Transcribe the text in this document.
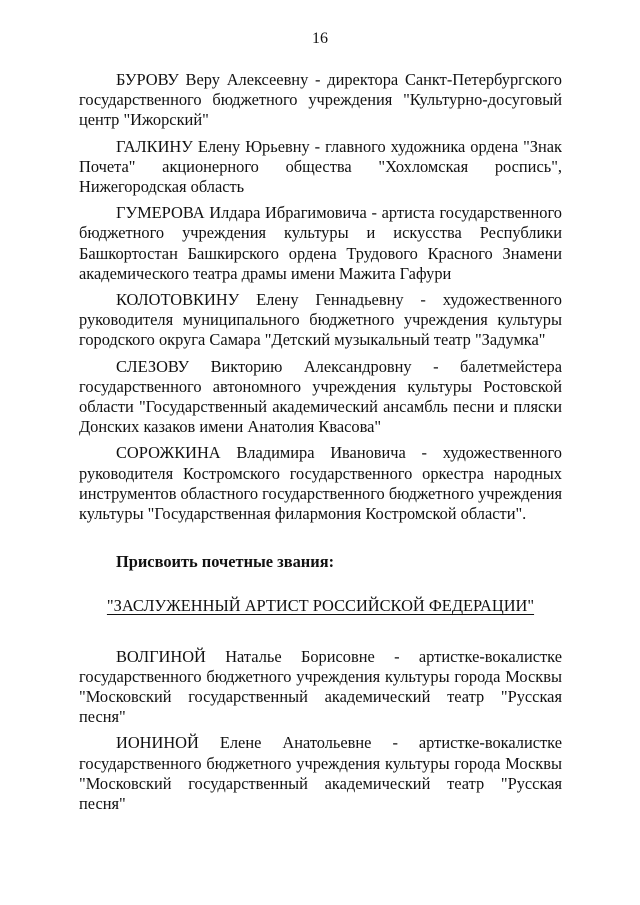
16

БУРОВУ Веру Алексеевну - директора Санкт-Петербургского государственного бюджетного учреждения "Культурно-досуговый центр "Ижорский"

ГАЛКИНУ Елену Юрьевну - главного художника ордена "Знак Почета" акционерного общества "Хохломская роспись", Нижегородская область

ГУМЕРОВА Илдара Ибрагимовича - артиста государственного бюджетного учреждения культуры и искусства Республики Башкортостан Башкирского ордена Трудового Красного Знамени академического театра драмы имени Мажита Гафури

КОЛОТОВКИНУ Елену Геннадьевну - художественного руководителя муниципального бюджетного учреждения культуры городского округа Самара "Детский музыкальный театр "Задумка"

СЛЕЗОВУ Викторию Александровну - балетмейстера государственного автономного учреждения культуры Ростовской области "Государственный академический ансамбль песни и пляски Донских казаков имени Анатолия Квасова"

СОРОЖКИНА Владимира Ивановича - художественного руководителя Костромского государственного оркестра народных инструментов областного государственного бюджетного учреждения культуры "Государственная филармония Костромской области".

Присвоить почетные звания:

"ЗАСЛУЖЕННЫЙ АРТИСТ РОССИЙСКОЙ ФЕДЕРАЦИИ"

ВОЛГИНОЙ Наталье Борисовне - артистке-вокалистке государственного бюджетного учреждения культуры города Москвы "Московский государственный академический театр "Русская песня"

ИОНИНОЙ Елене Анатольевне - артистке-вокалистке государственного бюджетного учреждения культуры города Москвы "Московский государственный академический театр "Русская песня"
